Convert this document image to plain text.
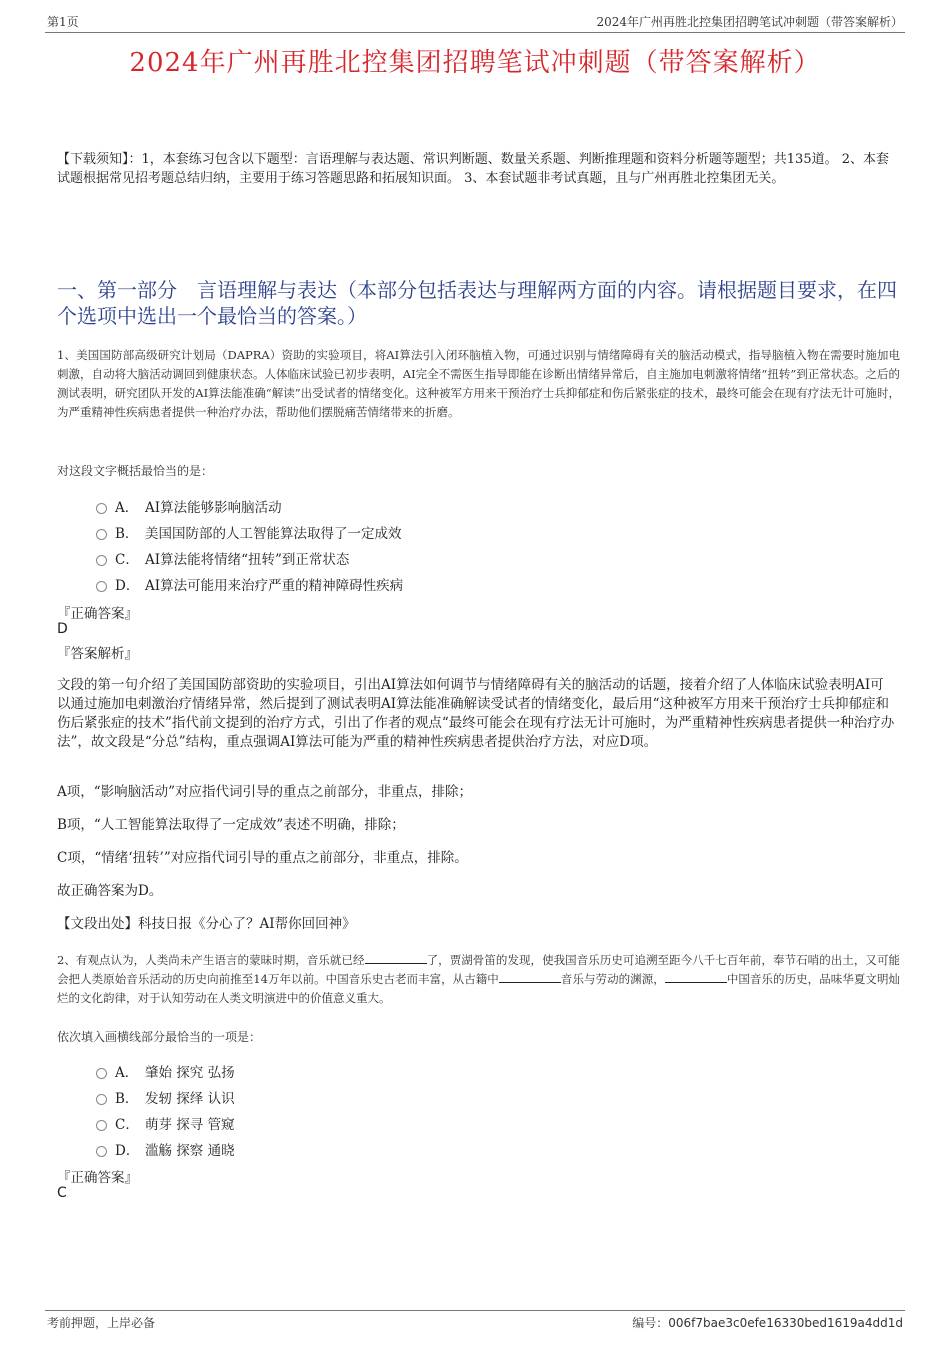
第1页	2024年广州再胜北控集团招聘笔试冲刺题（带答案解析）
2024年广州再胜北控集团招聘笔试冲刺题（带答案解析）
【下载须知】：1，本套练习包含以下题型：言语理解与表达题、常识判断题、数量关系题、判断推理题和资料分析题等题型；共135道。 2、本套试题根据常见招考题总结归纳，主要用于练习答题思路和拓展知识面。 3、本套试题非考试真题，且与广州再胜北控集团无关。
一、第一部分　言语理解与表达（本部分包括表达与理解两方面的内容。请根据题目要求，在四个选项中选出一个最恰当的答案。）
1、美国国防部高级研究计划局（DAPRA）资助的实验项目，将AI算法引入闭环脑植入物，可通过识别与情绪障碍有关的脑活动模式，指导脑植入物在需要时施加电刺激，自动将大脑活动调回到健康状态。人体临床试验已初步表明，AI完全不需医生指导即能在诊断出情绪异常后，自主施加电刺激将情绪“扭转”到正常状态。之后的测试表明，研究团队开发的AI算法能准确“解读”出受试者的情绪变化。这种被军方用来干预治疗士兵抑郁症和伤后紧张症的技术，最终可能会在现有疗法无计可施时，为严重精神性疾病患者提供一种治疗办法，帮助他们摆脱痛苦情绪带来的折磨。
对这段文字概括最恰当的是：
A． AI算法能够影响脑活动
B． 美国国防部的人工智能算法取得了一定成效
C． AI算法能将情绪“扭转”到正常状态
D． AI算法可能用来治疗严重的精神障碍性疾病
『正确答案』
D
『答案解析』
文段的第一句介绍了美国国防部资助的实验项目，引出AI算法如何调节与情绪障碍有关的脑活动的话题，接着介绍了人体临床试验表明AI可以通过施加电刺激治疗情绪异常，然后提到了测试表明AI算法能准确解读受试者的情绪变化，最后用“这种被军方用来干预治疗士兵抑郁症和伤后紧张症的技术”指代前文提到的治疗方式，引出了作者的观点“最终可能会在现有疗法无计可施时，为严重精神性疾病患者提供一种治疗办法”，故文段是“分总”结构，重点强调AI算法可能为严重的精神性疾病患者提供治疗方法，对应D项。
A项，“影响脑活动”对应指代词引导的重点之前部分，非重点，排除；
B项，“人工智能算法取得了一定成效”表述不明确，排除；
C项，“情绪‘扭转’”对应指代词引导的重点之前部分，非重点，排除。
故正确答案为D。
【文段出处】科技日报《分心了？AI帮你回回神》
2、有观点认为，人类尚未产生语言的蒙昧时期，音乐就已经	了，贾湖骨笛的发现，使我国音乐历史可追溯至距今八千七百年前，奉节石哨的出土，又可能会把人类原始音乐活动的历史向前推至14万年以前。中国音乐史古老而丰富，从古籍中	音乐与劳动的渊源，	中国音乐的历史，品味华夏文明灿烂的文化韵律，对于认知劳动在人类文明演进中的价值意义重大。
依次填入画横线部分最恰当的一项是：
A． 肇始 探究 弘扬
B． 发轫 探绎 认识
C． 萌芽 探寻 管窥
D． 滥觞 探察 通晓
『正确答案』
C
考前押题，上岸必备	编号：006f7bae3c0efe16330bed1619a4dd1d
